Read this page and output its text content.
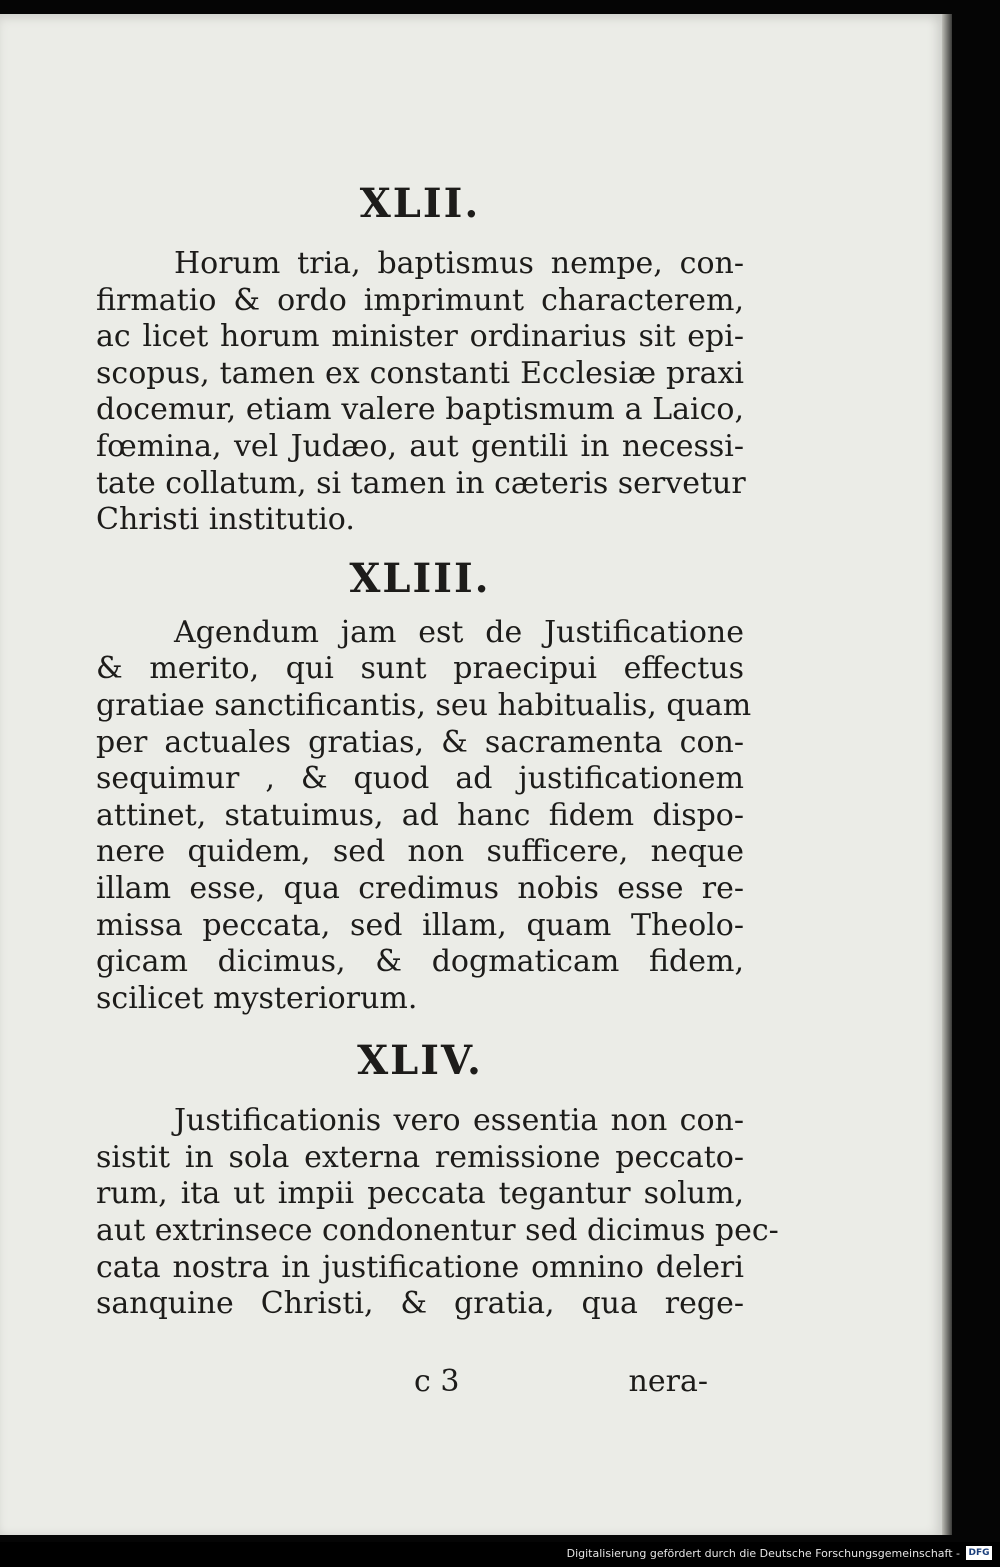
XLII.

Horum tria, baptismus nempe, con-
firmatio & ordo imprimunt characterem,
ac licet horum minister ordinarius sit epi-
scopus, tamen ex constanti Ecclesiæ praxi
docemur, etiam valere baptismum a Laico,
fœmina, vel Judæo, aut gentili in necessi-
tate collatum, si tamen in cæteris servetur
Christi institutio.

XLIII.

Agendum jam est de Justificatione
& merito, qui sunt praecipui effectus
gratiae sanctificantis, seu habitualis, quam
per actuales gratias, & sacramenta con-
sequimur , & quod ad justificationem
attinet, statuimus, ad hanc fidem dispo-
nere quidem, sed non sufficere, neque
illam esse, qua credimus nobis esse re-
missa peccata, sed illam, quam Theolo-
gicam dicimus, & dogmaticam fidem,
scilicet mysteriorum.

XLIV.

Justificationis vero essentia non con-
sistit in sola externa remissione peccato-
rum, ita ut impii peccata tegantur solum,
aut extrinsece condonentur sed dicimus pec-
cata nostra in justificatione omnino deleri
sanquine Christi, & gratia, qua rege-

c 3	nera-
Digitalisierung gefördert durch die Deutsche Forschungsgemeinschaft - DFG
